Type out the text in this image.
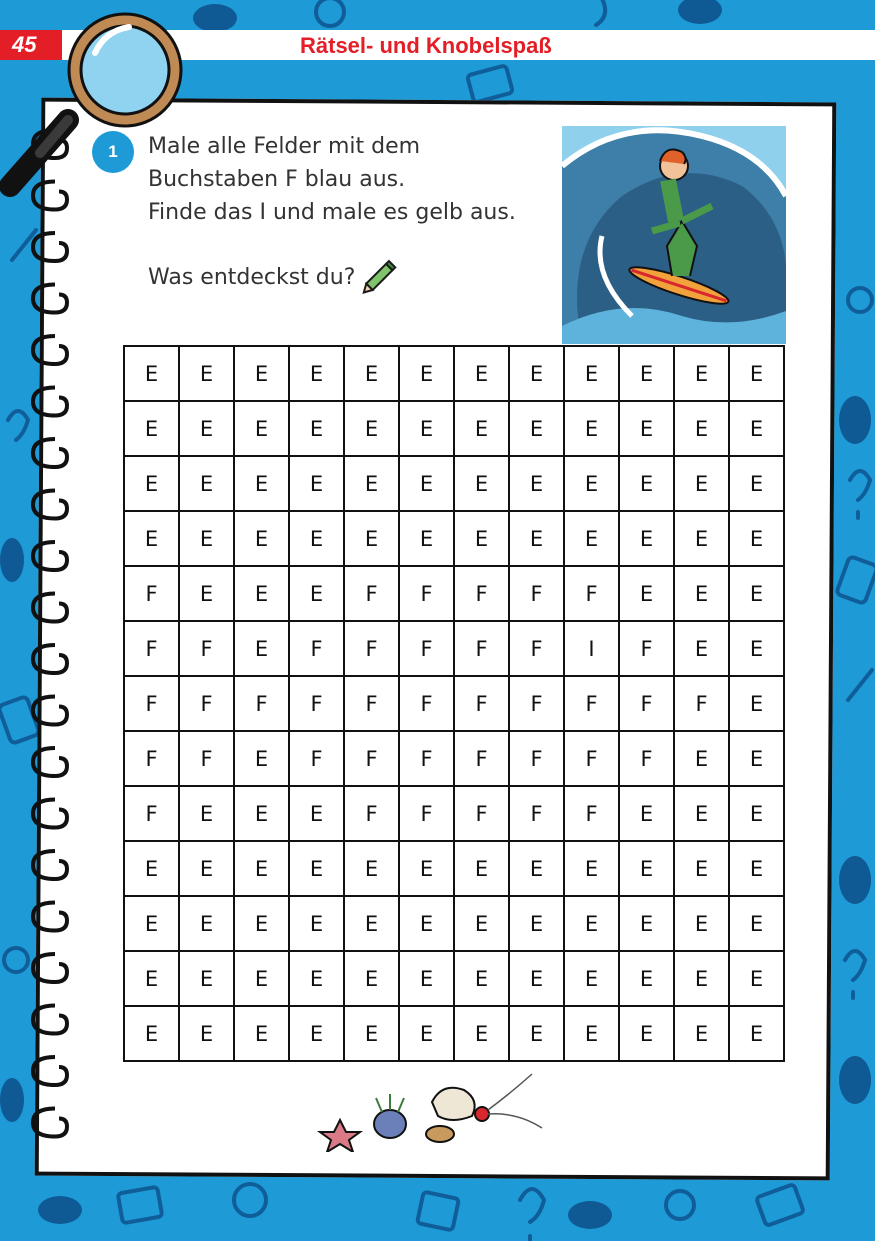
45	Rätsel- und Knobelspaß
1	Male alle Felder mit dem
Buchstaben F blau aus.
Finde das I und male es gelb aus.
Was entdeckst du?
E	E	E	E	E	E	E	E	E	E	E	E
E	E	E	E	E	E	E	E	E	E	E	E
E	E	E	E	E	E	E	E	E	E	E	E
E	E	E	E	E	E	E	E	E	E	E	E
F	E	E	E	F	F	F	F	F	E	E	E
F	F	E	F	F	F	F	F	I	F	E	E
F	F	F	F	F	F	F	F	F	F	F	E
F	F	E	F	F	F	F	F	F	F	E	E
F	E	E	E	F	F	F	F	F	E	E	E
E	E	E	E	E	E	E	E	E	E	E	E
E	E	E	E	E	E	E	E	E	E	E	E
E	E	E	E	E	E	E	E	E	E	E	E
E	E	E	E	E	E	E	E	E	E	E	E
